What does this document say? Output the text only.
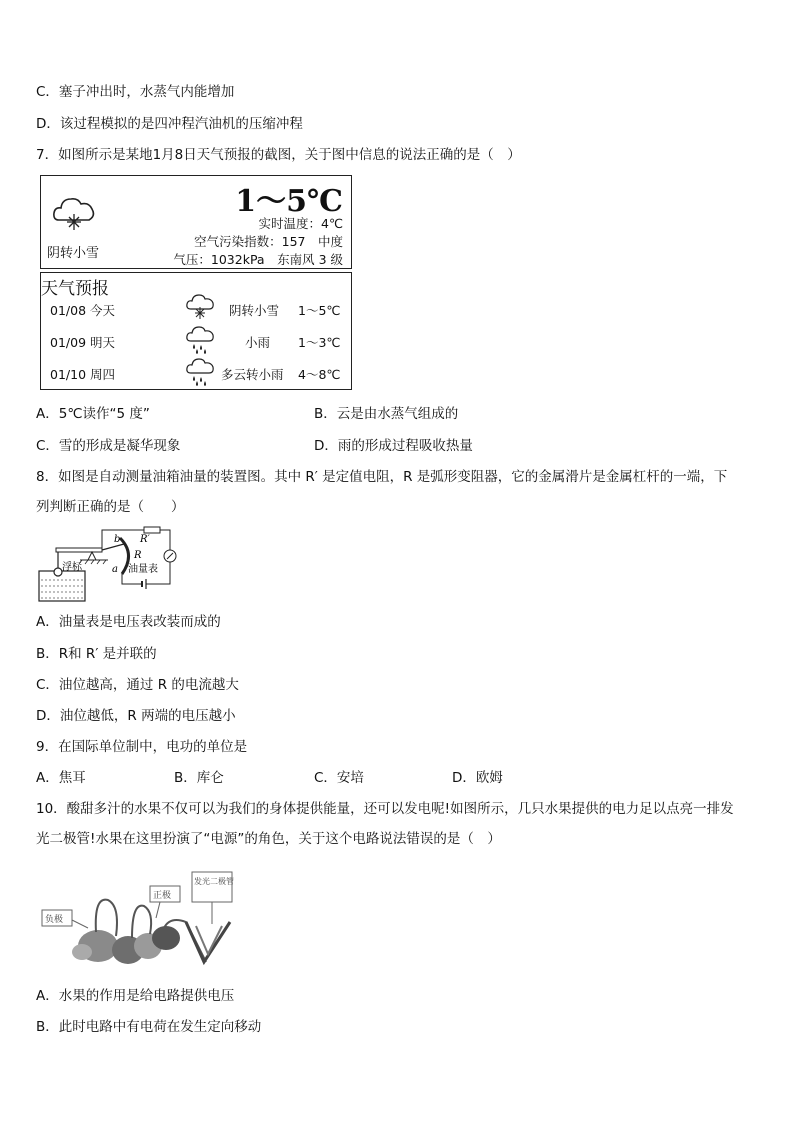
C．塞子冲出时，水蒸气内能增加
D．该过程模拟的是四冲程汽油机的压缩冲程
7．如图所示是某地1月8日天气预报的截图，关于图中信息的说法正确的是（　）
阴转小雪
1～5℃
实时温度：4℃
空气污染指数：157　中度
气压：1032kPa　东南风 3 级
天气预报
01/08 今天	阴转小雪 1～5℃
01/09 明天	小雨 1～3℃
01/10 周四	多云转小雨 4～8℃
A．5℃读作“5 度”	B．云是由水蒸气组成的
C．雪的形成是凝华现象	D．雨的形成过程吸收热量
8．如图是自动测量油箱油量的装置图。其中 R′ 是定值电阻，R 是弧形变阻器，它的金属滑片是金属杠杆的一端，下
列判断正确的是（　　）
浮标	油量表
R
R′
a
b
A．油量表是电压表改装而成的
B．R和 R′ 是并联的
C．油位越高，通过 R 的电流越大
D．油位越低，R 两端的电压越小
9．在国际单位制中，电功的单位是
A．焦耳	B．库仑	C．安培	D．欧姆
10．酸甜多汁的水果不仅可以为我们的身体提供能量，还可以发电呢!如图所示，几只水果提供的电力足以点亮一排发
光二极管!水果在这里扮演了“电源”的角色，关于这个电路说法错误的是（　）
负极
正极
发光二极管
A．水果的作用是给电路提供电压
B．此时电路中有电荷在发生定向移动
